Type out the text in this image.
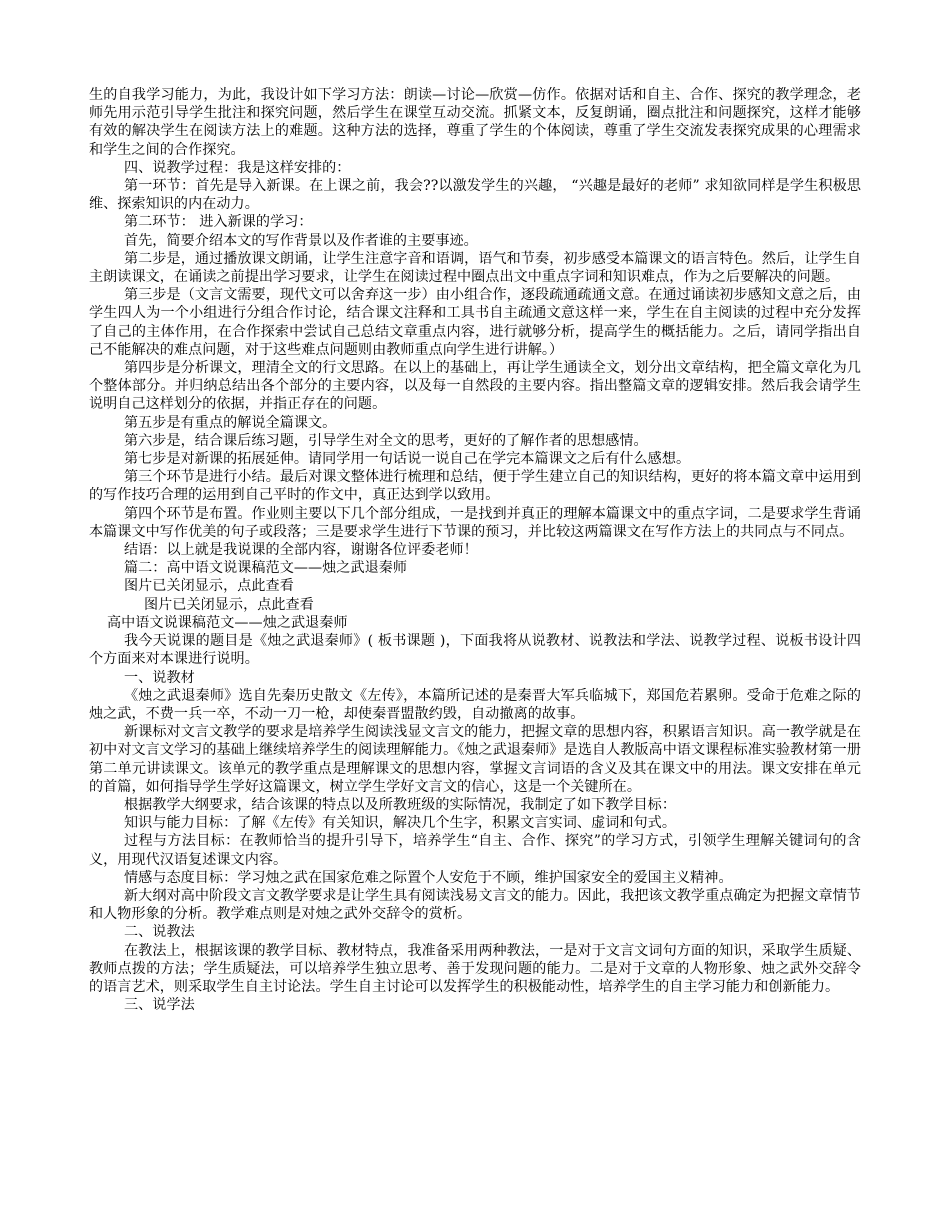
生的自我学习能力，为此，我设计如下学习方法：朗读—讨论—欣赏—仿作。依据对话和自主、合作、探究的教学理念，老师先用示范引导学生批注和探究问题，然后学生在课堂互动交流。抓紧文本，反复朗诵，圈点批注和问题探究，这样才能够有效的解决学生在阅读方法上的难题。这种方法的选择，尊重了学生的个体阅读，尊重了学生交流发表探究成果的心理需求和学生之间的合作探究。

四、说教学过程：我是这样安排的：

第一环节：首先是导入新课。在上课之前，我会??以激发学生的兴趣， “兴趣是最好的老师” 求知欲同样是学生积极思维、探索知识的内在动力。

第二环节： 进入新课的学习：

首先，简要介绍本文的写作背景以及作者谁的主要事迹。

第二步是，通过播放课文朗诵，让学生注意字音和语调，语气和节奏，初步感受本篇课文的语言特色。然后，让学生自主朗读课文，在诵读之前提出学习要求，让学生在阅读过程中圈点出文中重点字词和知识难点，作为之后要解决的问题。

第三步是（文言文需要，现代文可以舍弃这一步）由小组合作，逐段疏通疏通文意。在通过诵读初步感知文意之后，由学生四人为一个小组进行分组合作讨论，结合课文注释和工具书自主疏通文意这样一来，学生在自主阅读的过程中充分发挥了自己的主体作用，在合作探索中尝试自己总结文章重点内容，进行就够分析，提高学生的概括能力。之后，请同学指出自己不能解决的难点问题，对于这些难点问题则由教师重点向学生进行讲解。）

第四步是分析课文，理清全文的行文思路。在以上的基础上，再让学生通读全文，划分出文章结构，把全篇文章化为几个整体部分。并归纳总结出各个部分的主要内容，以及每一自然段的主要内容。指出整篇文章的逻辑安排。然后我会请学生说明自己这样划分的依据，并指正存在的问题。

第五步是有重点的解说全篇课文。

第六步是，结合课后练习题，引导学生对全文的思考，更好的了解作者的思想感情。

第七步是对新课的拓展延伸。请同学用一句话说一说自己在学完本篇课文之后有什么感想。

第三个环节是进行小结。最后对课文整体进行梳理和总结，便于学生建立自己的知识结构，更好的将本篇文章中运用到的写作技巧合理的运用到自己平时的作文中，真正达到学以致用。

第四个环节是布置。作业则主要以下几个部分组成，一是找到并真正的理解本篇课文中的重点字词，二是要求学生背诵本篇课文中写作优美的句子或段落；三是要求学生进行下节课的预习，并比较这两篇课文在写作方法上的共同点与不同点。

结语：以上就是我说课的全部内容，谢谢各位评委老师！

篇二：高中语文说课稿范文——烛之武退秦师

图片已关闭显示，点此查看

图片已关闭显示，点此查看

高中语文说课稿范文——烛之武退秦师

我今天说课的题目是《烛之武退秦师》( 板书课题 )，下面我将从说教材、说教法和学法、说教学过程、说板书设计四个方面来对本课进行说明。

一、说教材

《烛之武退秦师》选自先秦历史散文《左传》，本篇所记述的是秦晋大军兵临城下，郑国危若累卵。受命于危难之际的烛之武，不费一兵一卒，不动一刀一枪，却使秦晋盟散约毁，自动撤离的故事。

新课标对文言文教学的要求是培养学生阅读浅显文言文的能力，把握文章的思想内容，积累语言知识。高一教学就是在初中对文言文学习的基础上继续培养学生的阅读理解能力。《烛之武退秦师》是选自人教版高中语文课程标准实验教材第一册第二单元讲读课文。该单元的教学重点是理解课文的思想内容，掌握文言词语的含义及其在课文中的用法。课文安排在单元的首篇，如何指导学生学好这篇课文，树立学生学好文言文的信心，这是一个关键所在。

根据教学大纲要求，结合该课的特点以及所教班级的实际情况，我制定了如下教学目标：

知识与能力目标：了解《左传》有关知识，解决几个生字，积累文言实词、虚词和句式。

过程与方法目标：在教师恰当的提升引导下，培养学生“自主、合作、探究”的学习方式，引领学生理解关键词句的含义，用现代汉语复述课文内容。

情感与态度目标：学习烛之武在国家危难之际置个人安危于不顾，维护国家安全的爱国主义精神。

新大纲对高中阶段文言文教学要求是让学生具有阅读浅易文言文的能力。因此，我把该文教学重点确定为把握文章情节和人物形象的分析。教学难点则是对烛之武外交辞令的赏析。

二、说教法

在教法上，根据该课的教学目标、教材特点，我准备采用两种教法，一是对于文言文词句方面的知识，采取学生质疑、教师点拨的方法；学生质疑法，可以培养学生独立思考、善于发现问题的能力。二是对于文章的人物形象、烛之武外交辞令的语言艺术，则采取学生自主讨论法。学生自主讨论可以发挥学生的积极能动性，培养学生的自主学习能力和创新能力。

三、说学法
